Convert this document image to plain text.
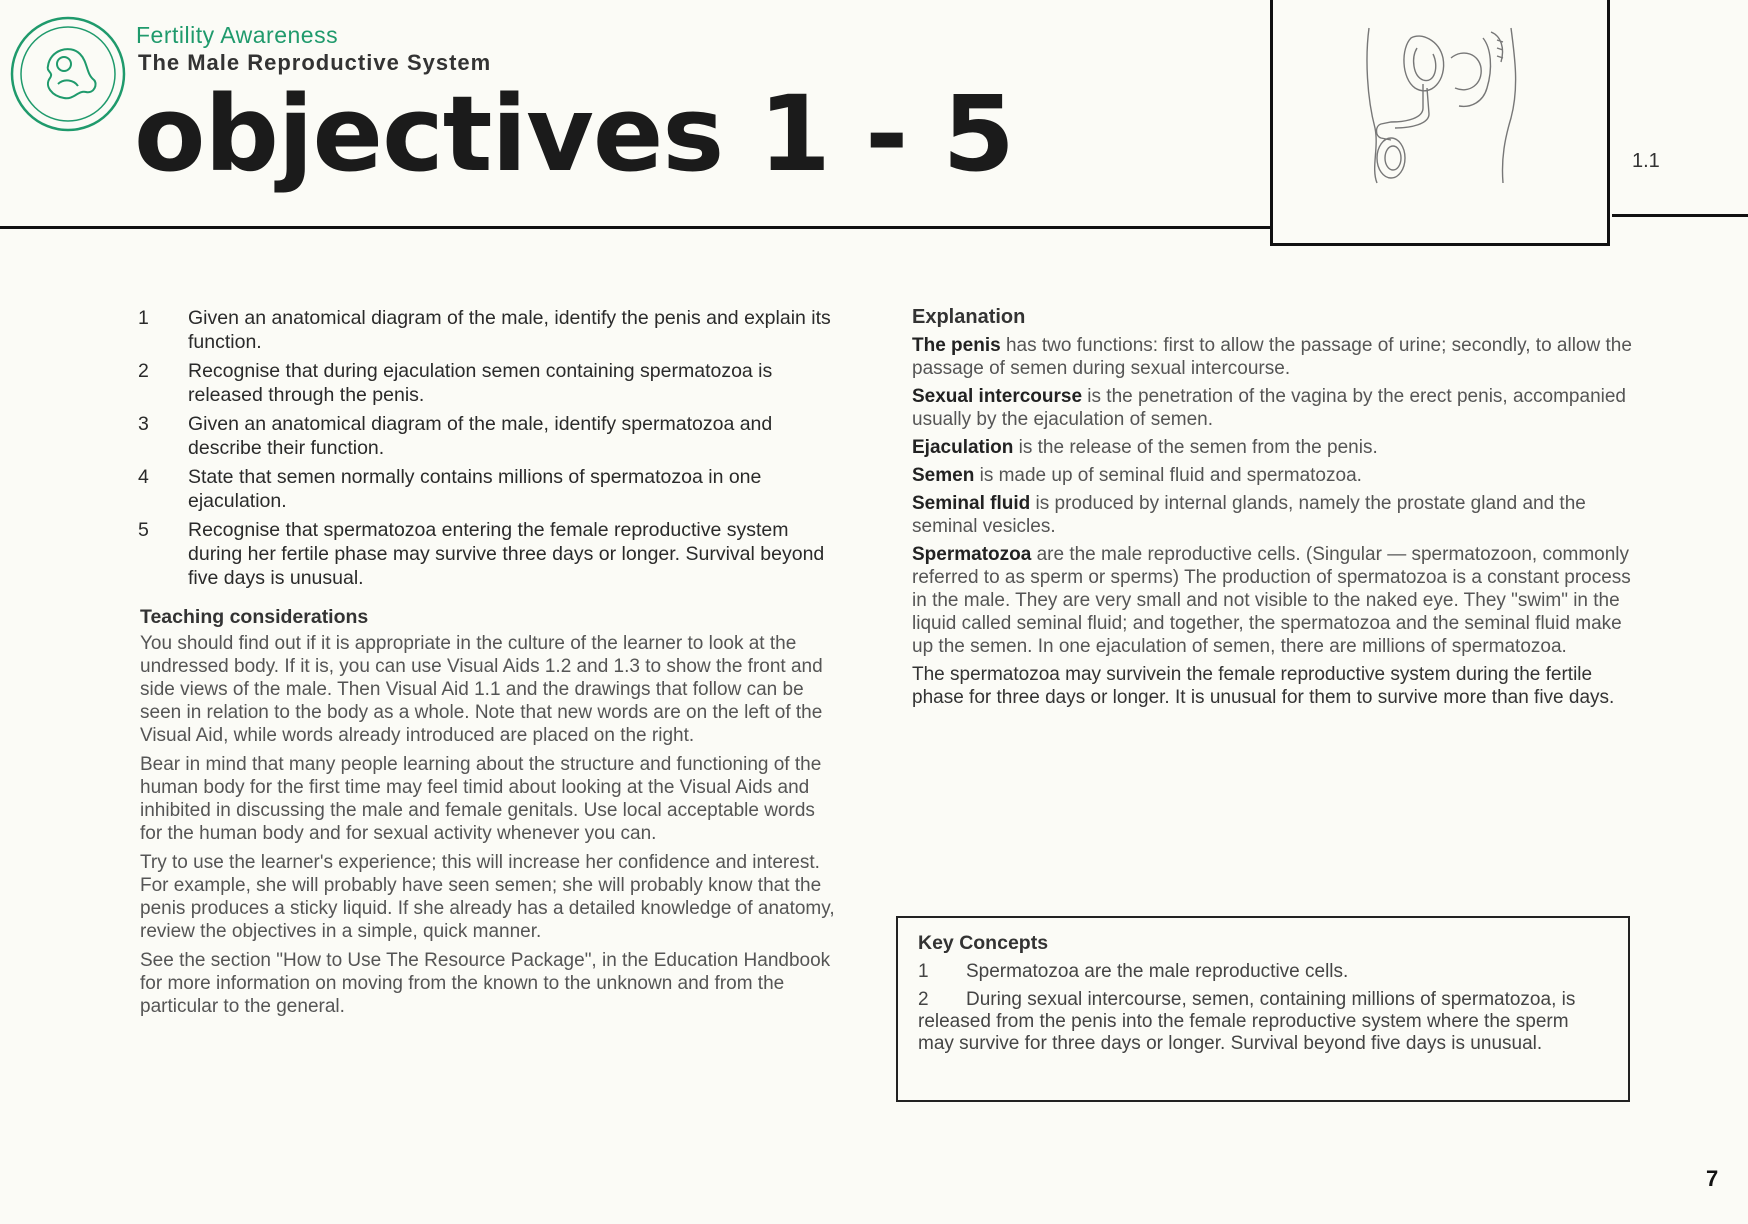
Fertility Awareness
The Male Reproductive System
objectives 1 - 5	1.1
1	Given an anatomical diagram of the male, identify the penis and explain its function.
2	Recognise that during ejaculation semen containing spermatozoa is released through the penis.
3	Given an anatomical diagram of the male, identify spermatozoa and describe their function.
4	State that semen normally contains millions of spermatozoa in one ejaculation.
5	Recognise that spermatozoa entering the female reproductive system during her fertile phase may survive three days or longer. Survival beyond five days is unusual.
Teaching considerations

You should find out if it is appropriate in the culture of the learner to look at the undressed body. If it is, you can use Visual Aids 1.2 and 1.3 to show the front and side views of the male. Then Visual Aid 1.1 and the drawings that follow can be seen in relation to the body as a whole. Note that new words are on the left of the Visual Aid, while words already introduced are placed on the right.

Bear in mind that many people learning about the structure and functioning of the human body for the first time may feel timid about looking at the Visual Aids and inhibited in discussing the male and female genitals. Use local acceptable words for the human body and for sexual activity whenever you can.

Try to use the learner's experience; this will increase her confidence and interest. For example, she will probably have seen semen; she will probably know that the penis produces a sticky liquid. If she already has a detailed knowledge of anatomy, review the objectives in a simple, quick manner.

See the section "How to Use The Resource Package", in the Education Handbook for more information on moving from the known to the unknown and from the particular to the general.

Explanation

The penis has two functions: first to allow the passage of urine; secondly, to allow the passage of semen during sexual intercourse.

Sexual intercourse is the penetration of the vagina by the erect penis, accompanied usually by the ejaculation of semen.

Ejaculation is the release of the semen from the penis.

Semen is made up of seminal fluid and spermatozoa.

Seminal fluid is produced by internal glands, namely the prostate gland and the seminal vesicles.

Spermatozoa are the male reproductive cells. (Singular — spermatozoon, commonly referred to as sperm or sperms) The production of spermatozoa is a constant process in the male. They are very small and not visible to the naked eye. They "swim" in the liquid called seminal fluid; and together, the spermatozoa and the seminal fluid make up the semen. In one ejaculation of semen, there are millions of spermatozoa.

The spermatozoa may survivein the female reproductive system during the fertile phase for three days or longer. It is unusual for them to survive more than five days.

Key Concepts
1 Spermatozoa are the male reproductive cells.
2 During sexual intercourse, semen, containing millions of spermatozoa, is released from the penis into the female reproductive system where the sperm may survive for three days or longer. Survival beyond five days is unusual.
7
